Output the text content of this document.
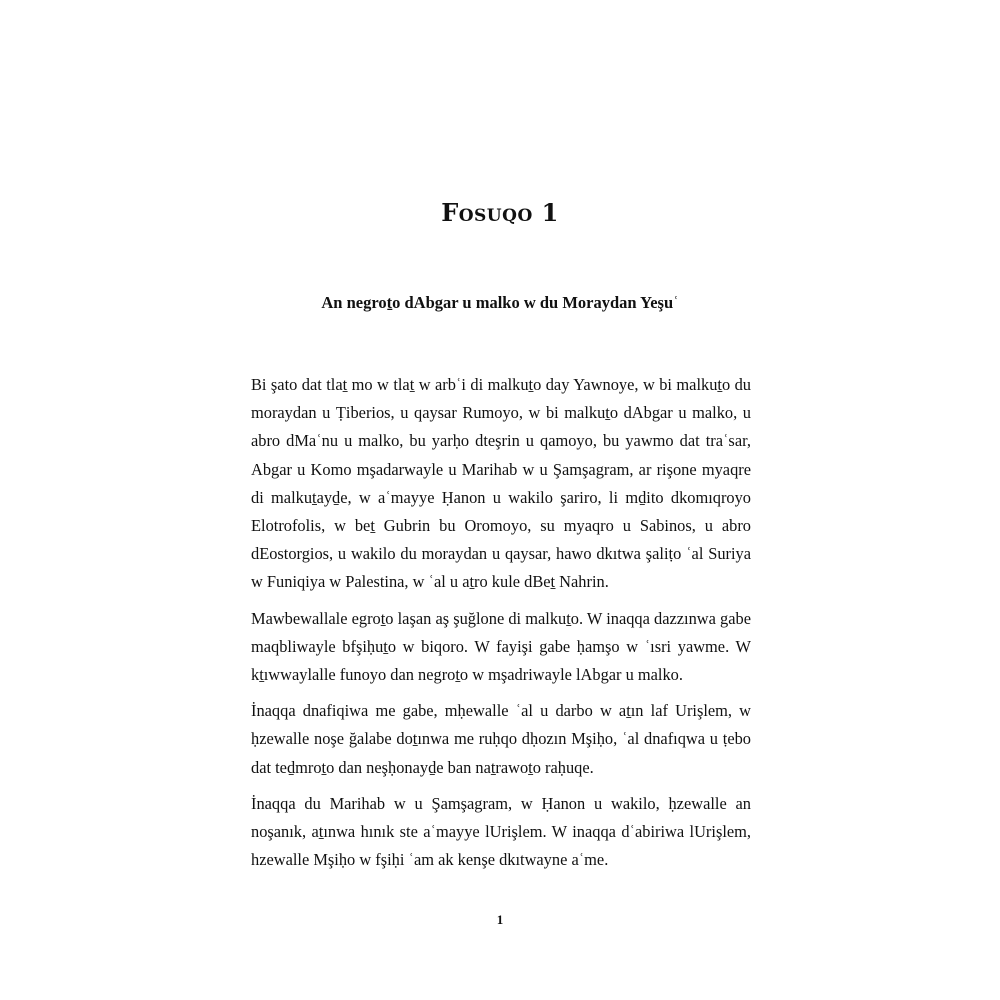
Fosuqo 1
An negroṯo dAbgar u malko w du Moraydan Yeşuʿ

Bi şato dat tlaṯ mo w tlaṯ w arbʿi di malkuṯo day Yawnoye, w bi malkuṯo du moraydan u Ṭiberios, u qaysar Rumoyo, w bi malkuṯo dAbgar u malko, u abro dMaʿnu u malko, bu yarḥo dteşrin u qamoyo, bu yawmo dat traʿsar, Abgar u Komo mşadarwayle u Marihab w u Şamşagram, ar rişone myaqre di malkuṯayḏe, w aʿmayye Ḥanon u wakilo şariro, li mḏito dkomıqroyo Elotrofolis, w beṯ Gubrin bu Oromoyo, su myaqro u Sabinos, u abro dEostorgios, u wakilo du moraydan u qaysar, hawo dkıtwa şaliṭo ʿal Suriya w Funiqiya w Palestina, w ʿal u aṯro kule dBeṯ Nahrin.

Mawbewallale egroṯo laşan aş şuğlone di malkuṯo. W inaqqa dazzınwa gabe maqbliwayle bfşiḥuṯo w biqoro. W fayişi gabe ḥamşo w ʿısri yawme. W kṯıwwaylalle funoyo dan negroṯo w mşadriwayle lAbgar u malko.

İnaqqa dnafiqiwa me gabe, mḥewalle ʿal u darbo w aṯın laf Urişlem, w ḥzewalle noşe ğalabe doṯınwa me ruḥqo dḥozın Mşiḥo, ʿal dnafıqwa u ṭebo dat teḏmroṯo dan neşḥonayḏe ban naṯrawoṯo raḥuqe.

İnaqqa du Marihab w u Şamşagram, w Ḥanon u wakilo, ḥzewalle an noşanık, aṯınwa hınık ste aʿmayye lUrişlem. W inaqqa dʿabiriwa lUrişlem, hzewalle Mşiḥo w fşiḥi ʿam ak kenşe dkıtwayne aʿme.

1
